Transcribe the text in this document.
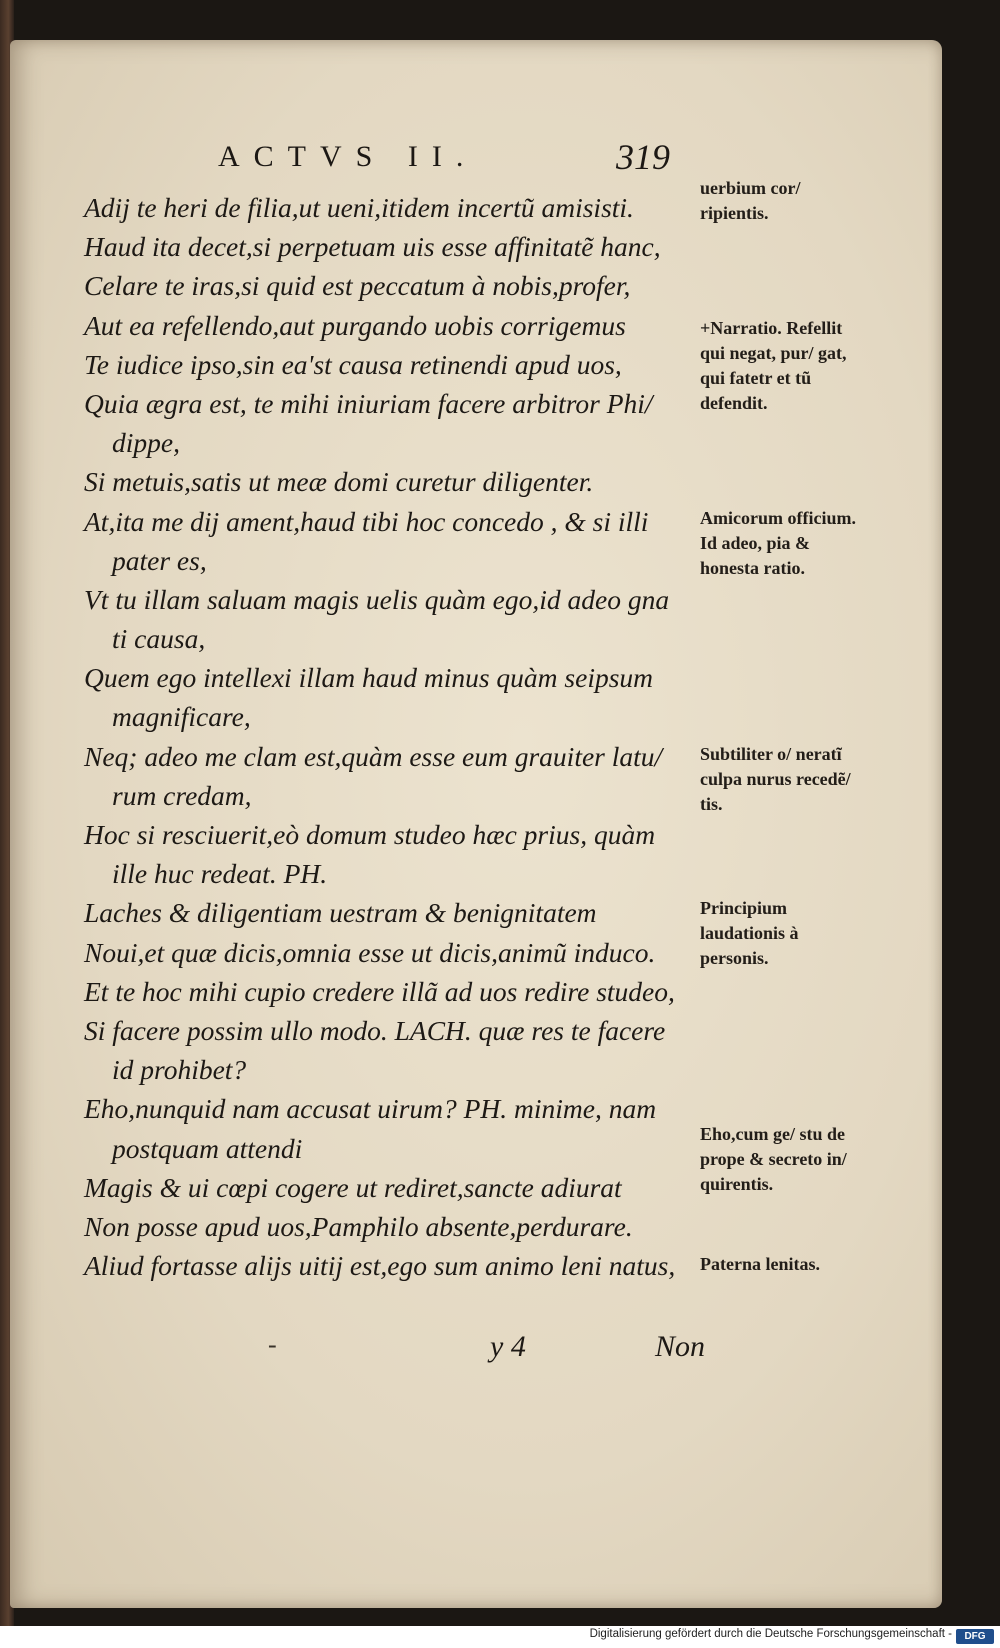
ACTVS II.	319
Adij te heri de filia,ut ueni,itidem incertũ amisisti.
Haud ita decet,si perpetuam uis esse affinitatẽ hanc,
Celare te iras,si quid est peccatum à nobis,profer,
Aut ea refellendo,aut purgando uobis corrigemus
Te iudice ipso,sin ea'st causa retinendi apud uos,
Quia ægra est, te mihi iniuriam facere arbitror Phi/
dippe,
Si metuis,satis ut meæ domi curetur diligenter.
At,ita me dij ament,haud tibi hoc concedo , & si illi
pater es,
Vt tu illam saluam magis uelis quàm ego,id adeo gna
ti causa,
Quem ego intellexi illam haud minus quàm seipsum
magnificare,
Neq; adeo me clam est,quàm esse eum grauiter latu/
rum credam,
Hoc si resciuerit,eò domum studeo hæc prius, quàm
ille huc redeat. PH.
Laches & diligentiam uestram & benignitatem
Noui,et quæ dicis,omnia esse ut dicis,animũ induco.
Et te hoc mihi cupio credere illã ad uos redire studeo,
Si facere possim ullo modo. LACH. quæ res te facere
id prohibet?
Eho,nunquid nam accusat uirum? PH. minime, nam
postquam attendi
Magis & ui cœpi cogere ut rediret,sancte adiurat
Non posse apud uos,Pamphilo absente,perdurare.
Aliud fortasse alijs uitij est,ego sum animo leni natus,
uerbium cor/ ripientis.
+Narratio. Refellit qui negat, pur/ gat, qui fatetr et tũ defendit.
Amicorum officium. Id adeo, pia & honesta ratio.
Subtiliter o/ neratĩ culpa nurus recedẽ/ tis.
Principium laudationis à personis.
Eho,cum ge/ stu de prope & secreto in/ quirentis.
Paterna lenitas.
-	y 4	Non
Digitalisierung gefördert durch die Deutsche Forschungsgemeinschaft -	DFG
